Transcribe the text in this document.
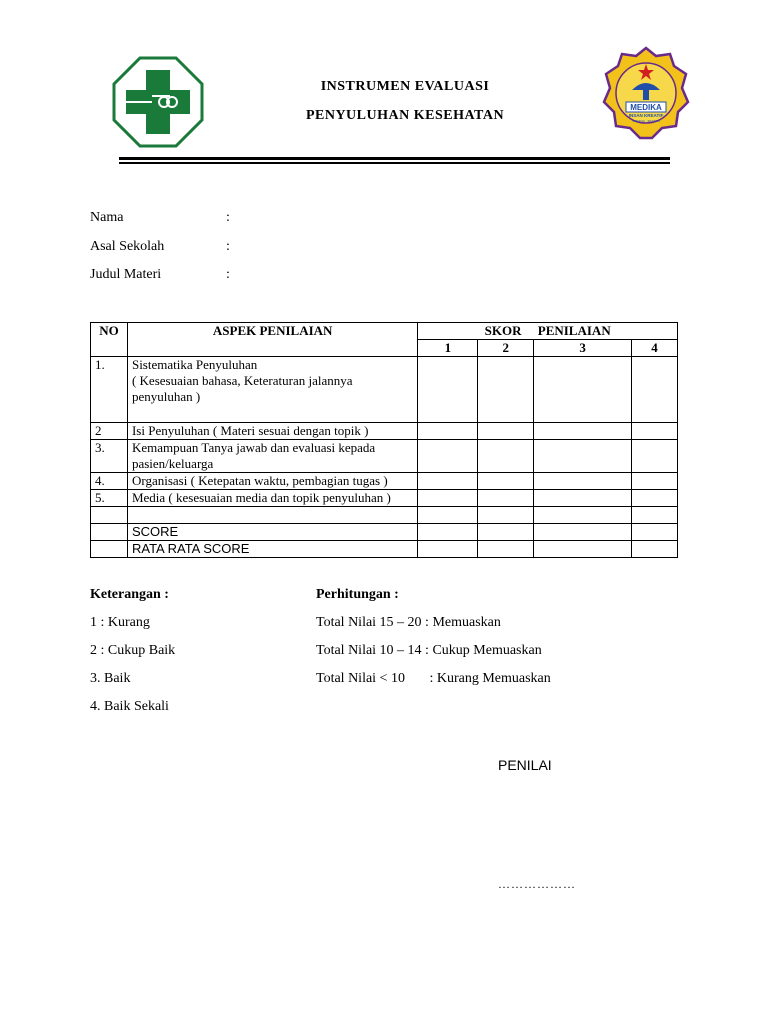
MEDIKA
INSAN KREATIF
SERANG - BANTEN
INSTRUMEN EVALUASI
PENYULUHAN KESEHATAN
Nama	:
Asal Sekolah	:
Judul Materi	:
NO	ASPEK PENILAIAN	SKOR     PENILAIAN			
		1	2	3	4
1.	Sistematika Penyuluhan
( Kesesuaian bahasa, Keteraturan jalannya penyuluhan )				
2	Isi Penyuluhan ( Materi sesuai dengan topik )				
3.	Kemampuan Tanya jawab dan evaluasi kepada pasien/keluarga				
4.	Organisasi ( Ketepatan waktu, pembagian tugas )				
5.	Media ( kesesuaian media dan topik penyuluhan )				

	SCORE				
	RATA RATA SCORE				
Keterangan :
1 : Kurang
2 : Cukup Baik
3. Baik
4. Baik Sekali
Perhitungan :
Total Nilai 15 – 20 : Memuaskan
Total Nilai 10 – 14 : Cukup Memuaskan
Total Nilai < 10       : Kurang Memuaskan
PENILAI
………………
